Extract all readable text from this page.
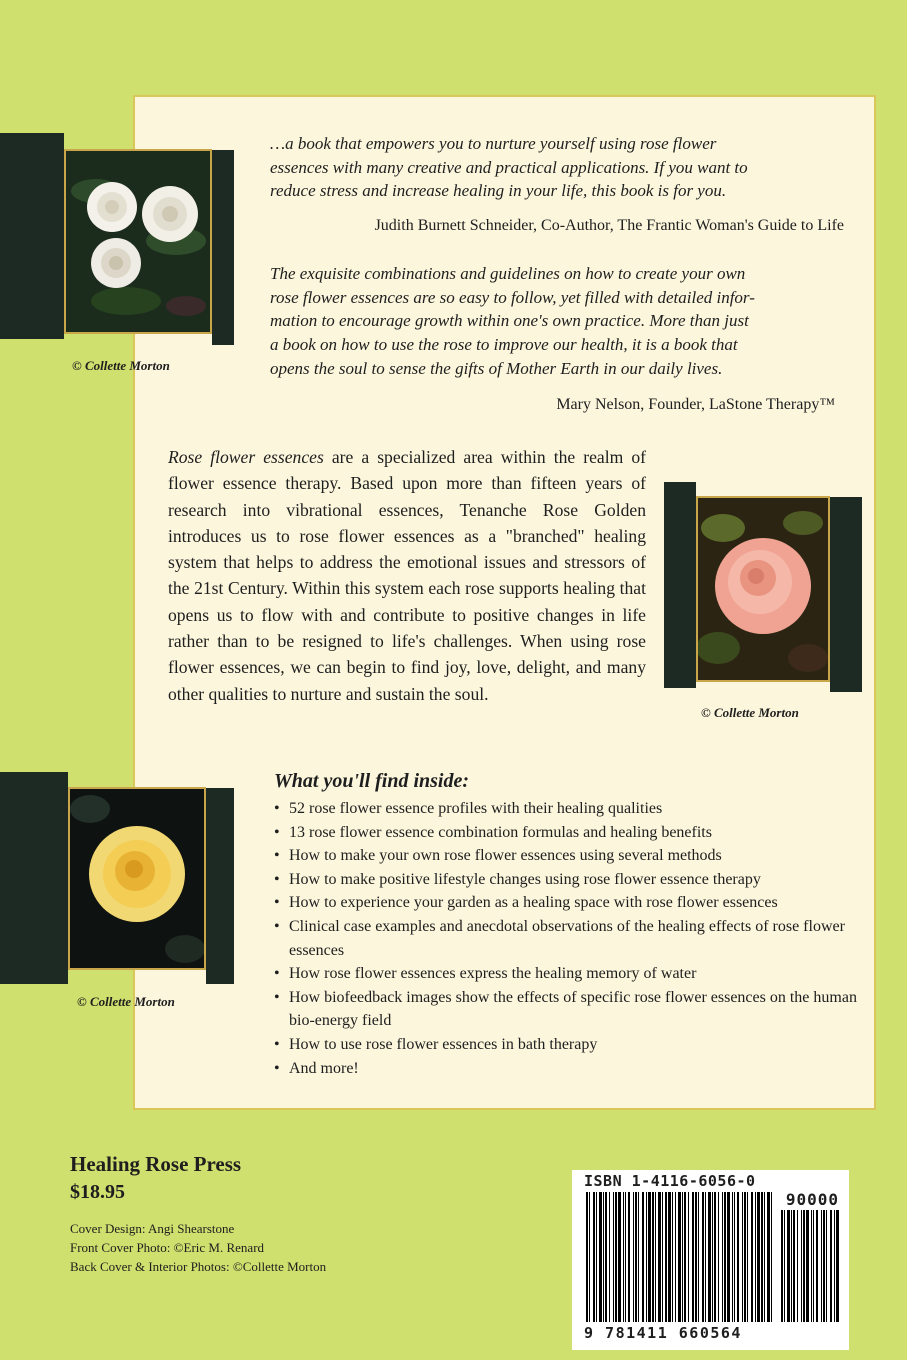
© Collette Morton
© Collette Morton
© Collette Morton

…a book that empowers you to nurture yourself using rose flower
essences with many creative and practical applications. If you want to
reduce stress and increase healing in your life, this book is for you.

Judith Burnett Schneider, Co-Author, The Frantic Woman's Guide to Life

The exquisite combinations and guidelines on how to create your own
rose flower essences are so easy to follow, yet filled with detailed infor-
mation to encourage growth within one's own practice. More than just
a book on how to use the rose to improve our health, it is a book that
opens the soul to sense the gifts of Mother Earth in our daily lives.

Mary Nelson, Founder, LaStone Therapy™

Rose flower essences are a specialized area within the realm of flower essence therapy. Based upon more than fifteen years of research into vibrational essences, Tenanche Rose Golden introduces us to rose flower essences as a "branched" healing system that helps to address the emotional issues and stressors of the 21st Century. Within this system each rose supports healing that opens us to flow with and contribute to positive changes in life rather than to be resigned to life's challenges. When using rose flower essences, we can begin to find joy, love, delight, and many other qualities to nurture and sustain the soul.

What you'll find inside:
• 52 rose flower essence profiles with their healing qualities
• 13 rose flower essence combination formulas and healing benefits
• How to make your own rose flower essences using several methods
• How to make positive lifestyle changes using rose flower essence therapy
• How to experience your garden as a healing space with rose flower essences
• Clinical case examples and anecdotal observations of the healing effects of rose flower essences
• How rose flower essences express the healing memory of water
• How biofeedback images show the effects of specific rose flower essences on the human bio-energy field
• How to use rose flower essences in bath therapy
• And more!

Healing Rose Press

$18.95

Cover Design: Angi Shearstone

Front Cover Photo: ©Eric M. Renard

Back Cover & Interior Photos: ©Collette Morton

ISBN 1-4116-6056-0
90000
9 781411 660564
